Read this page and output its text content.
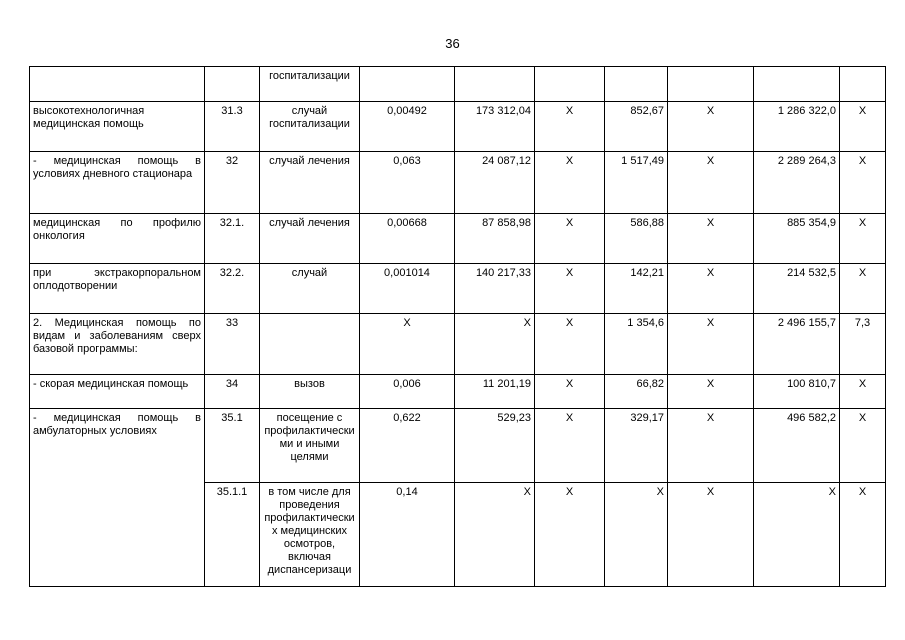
36
		госпитализации							
высокотехнологичная медицинская помощь	31.3	случай госпитализации	0,00492	173 312,04	Х	852,67	Х	1 286 322,0	Х
- медицинская помощь в условиях дневного стационара	32	случай лечения	0,063	24 087,12	Х	1 517,49	Х	2 289 264,3	Х
медицинская по профилю онкология	32.1.	случай лечения	0,00668	87 858,98	Х	586,88	Х	885 354,9	Х
при экстракорпоральном оплодотворении	32.2.	случай	0,001014	140 217,33	Х	142,21	Х	214 532,5	Х
2. Медицинская помощь по видам и заболеваниям сверх базовой программы:	33		Х	Х	Х	1 354,6	Х	2 496 155,7	7,3
- скорая медицинская помощь	34	вызов	0,006	11 201,19	Х	66,82	Х	100 810,7	Х
- медицинская помощь в амбулаторных условиях	35.1	посещение с профилактически ми и иными целями	0,622	529,23	Х	329,17	Х	496 582,2	Х
	35.1.1	в том числе для проведения профилактически х медицинских осмотров, включая диспансеризаци	0,14	Х	Х	Х	Х	Х	Х
